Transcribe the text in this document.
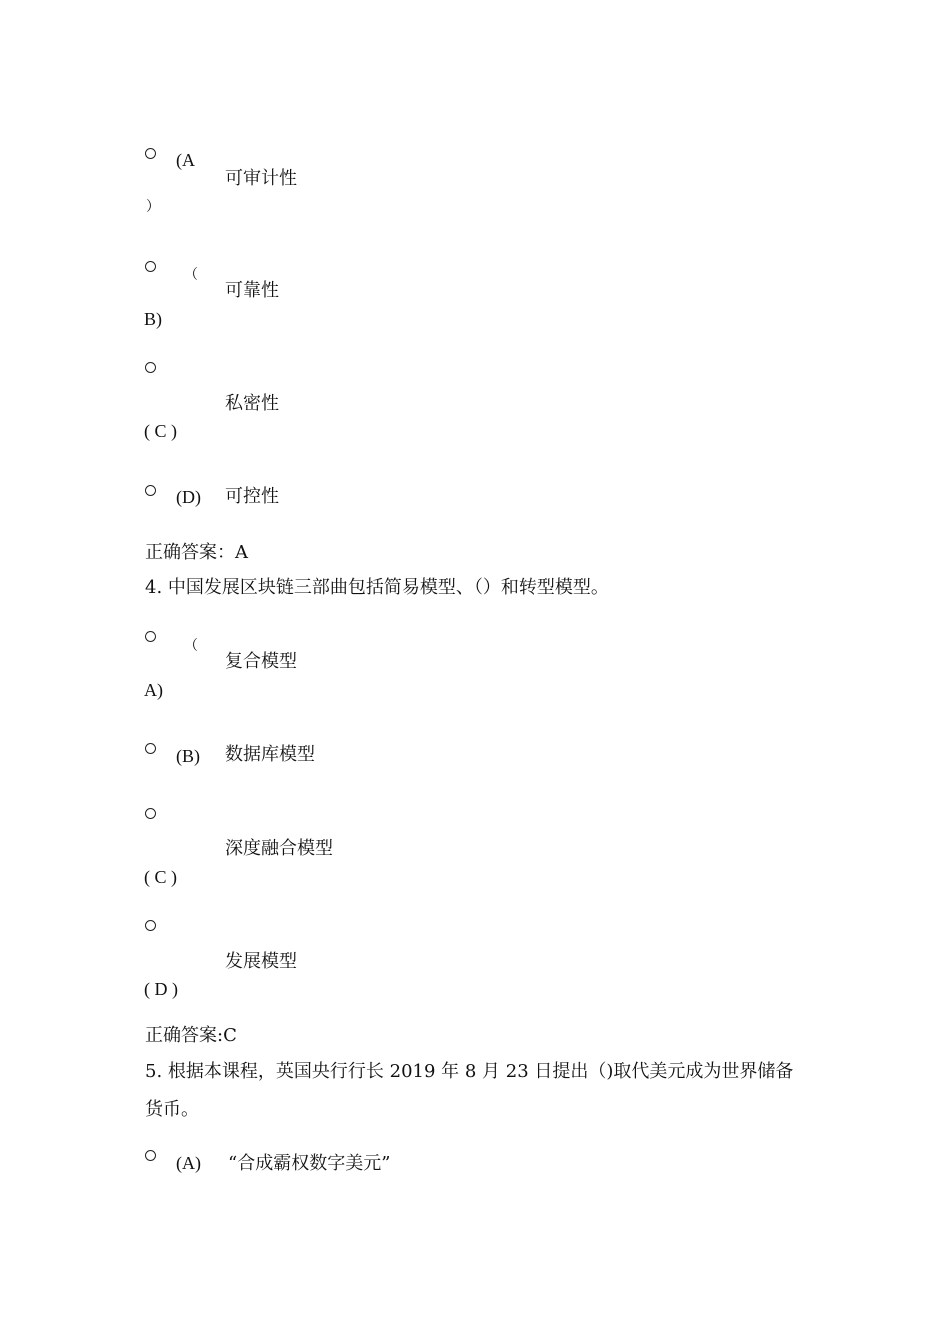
(A
）
可审计性
（
B)
可靠性
( C )
私密性
(D) 可控性
正确答案：A
4. 中国发展区块链三部曲包括简易模型、（）和转型模型。
（
A)
复合模型
(B) 数据库模型
( C )
深度融合模型
( D )
发展模型
正确答案:C
5. 根据本课程，英国央行行长 2019 年 8 月 23 日提出（)取代美元成为世界储备
货币。
(A) “合成霸权数字美元”
